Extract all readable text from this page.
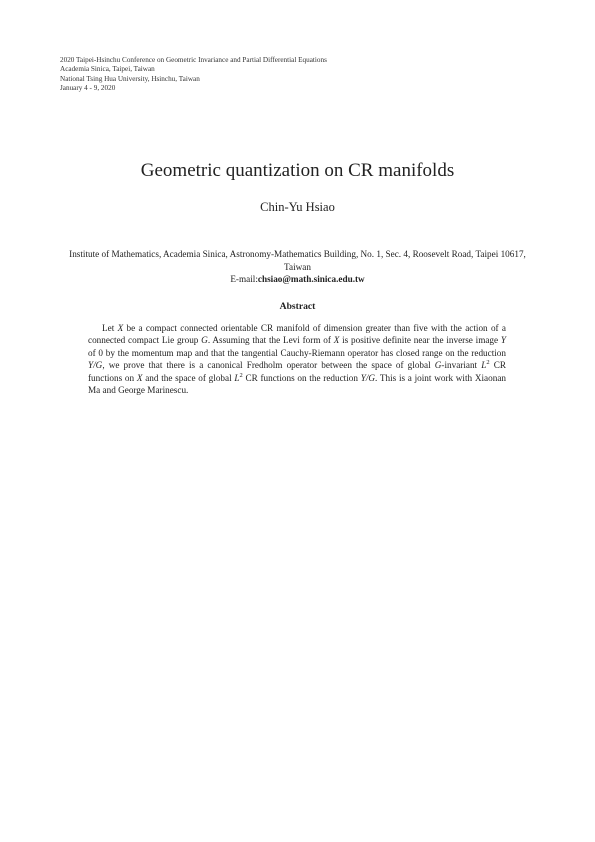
2020 Taipei-Hsinchu Conference on Geometric Invariance and Partial Differential Equations
Academia Sinica, Taipei, Taiwan
National Tsing Hua University, Hsinchu, Taiwan
January 4 - 9, 2020
Geometric quantization on CR manifolds
Chin-Yu Hsiao
Institute of Mathematics, Academia Sinica, Astronomy-Mathematics Building, No. 1, Sec. 4, Roosevelt Road, Taipei 10617, Taiwan
E-mail:chsiao@math.sinica.edu.tw
Abstract

Let X be a compact connected orientable CR manifold of dimension greater than five with the action of a connected compact Lie group G. Assuming that the Levi form of X is positive definite near the inverse image Y of 0 by the momentum map and that the tangential Cauchy-Riemann operator has closed range on the reduction Y/G, we prove that there is a canonical Fredholm operator between the space of global G-invariant $L^2$ CR functions on X and the space of global $L^2$ CR functions on the reduction Y/G. This is a joint work with Xiaonan Ma and George Marinescu.
